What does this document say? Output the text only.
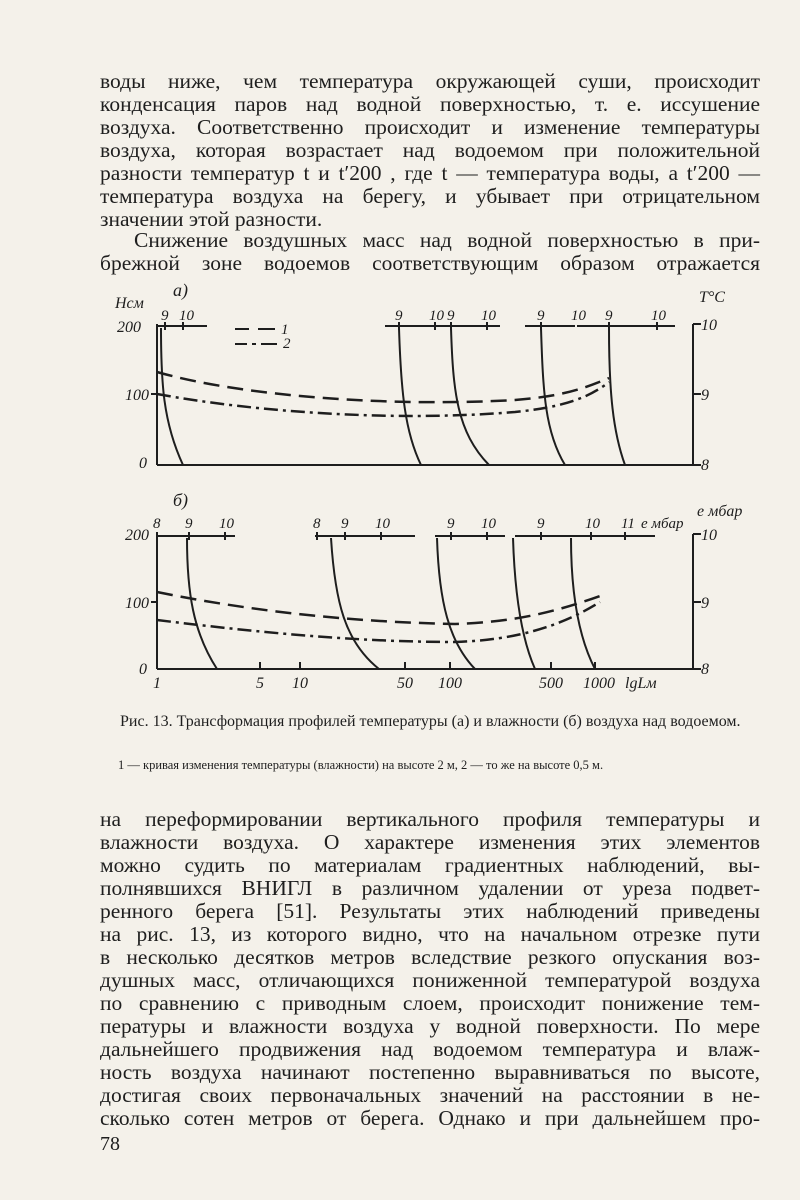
воды ниже, чем температура окружающей суши, происходит
конденсация паров над водной поверхностью, т. е. иссушение
воздуха. Соответственно происходит и изменение температуры
воздуха, которая возрастает над водоемом при положительной
разности температур t и t′200 , где t — температура воды, а t′200 —
температура воздуха на берегу, и убывает при отрицательном
значении этой разности.

Снижение воздушных масс над водной поверхностью в при-
брежной зоне водоемов соответствующим образом отражается

а)
Hсм
200
100
0
T°C
10
9
8
9 10	9 10 9 10	9 10 9	10
1
2
б)
200
100
0
e мбар
10
9
8
8 9 10	8 9 10	9 10	9	10 11 e мбар
1	5 10	50 100	500 1000 lgLм

Рис. 13. Трансформация профилей температуры (а) и влажности (б) воздуха над водоемом.

1 — кривая изменения температуры (влажности) на высоте 2 м, 2 — то же на высоте 0,5 м.

на переформировании вертикального профиля температуры и
влажности воздуха. О характере изменения этих элементов
можно судить по материалам градиентных наблюдений, вы-
полнявшихся ВНИГЛ в различном удалении от уреза подвет-
ренного берега [51]. Результаты этих наблюдений приведены
на рис. 13, из которого видно, что на начальном отрезке пути
в несколько десятков метров вследствие резкого опускания воз-
душных масс, отличающихся пониженной температурой воздуха
по сравнению с приводным слоем, происходит понижение тем-
пературы и влажности воздуха у водной поверхности. По мере
дальнейшего продвижения над водоемом температура и влаж-
ность воздуха начинают постепенно выравниваться по высоте,
достигая своих первоначальных значений на расстоянии в не-
сколько сотен метров от берега. Однако и при дальнейшем про-

78
